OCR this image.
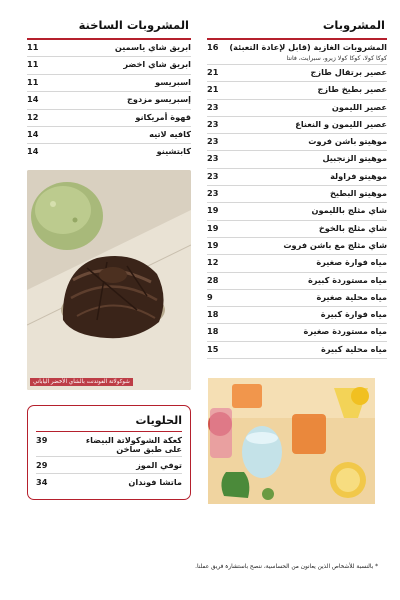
المشروبات
16	المشروبات الغازية (قابل لإعادة التعبئة)
كوكا كولا، كوكا كولا زيرو، سبرايت، فانتا
21	عصير برتقال طازج
21	عصير بطيخ طازج
23	عصير الليمون
23	عصير الليمون و النعناع
23	موهيتو باشن فروت
23	موهيتو الزنجبيل
23	موهيتو فراولة
23	موهيتو البطيخ
19	شاي مثلج بالليمون
19	شاي مثلج بالخوخ
19	شاي مثلج مع باشن فروت
12	مياه فوارة صغيرة
28	مياه مستوردة كبيرة
9	مياه محلية صغيرة
18	مياه فوارة كبيرة
18	مياه مستوردة صغيرة
15	مياه محلية كبيرة
المشروبات الساخنة
11	ابريق شاي ياسمين
11	ابريق شاي اخضر
11	اسبريسو
14	إسبريسو مزدوج
12	قهوة أمريكانو
14	كافيه لاتيه
14	كابتشينو
شوكولاتة الفوندنت بالشاي الأخضر الياباني
الحلويات
39	كعكة الشوكولاتة البيضاء
على طبق ساخن
29	توفي الموز
34	ماتشا فوندان
* بالنسبة للأشخاص الذين يعانون من الحساسية، ننصح باستشارة فريق عملنا.
